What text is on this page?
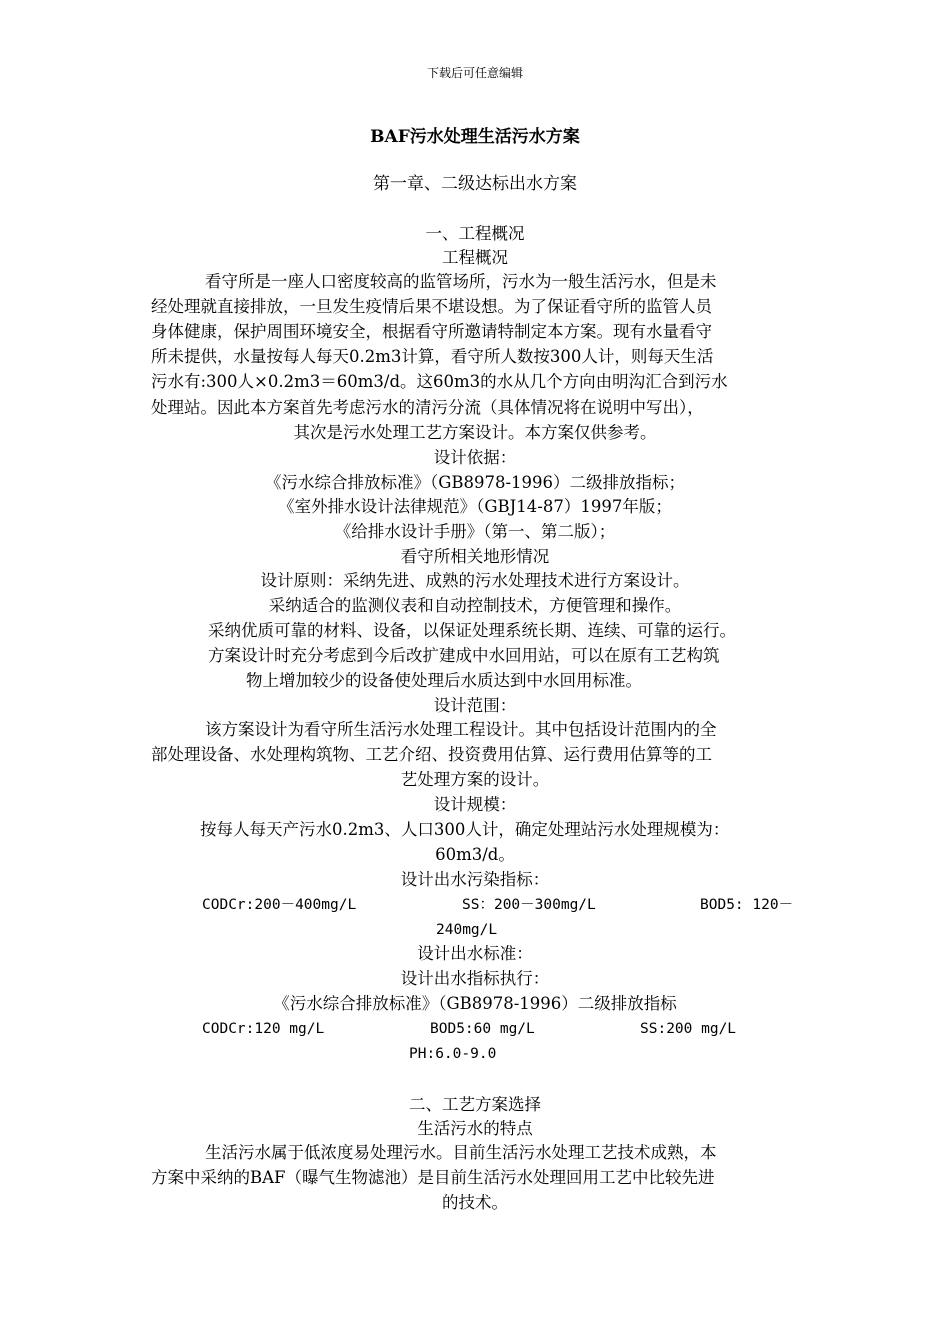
下载后可任意编辑
BAF污水处理生活污水方案
第一章、二级达标出水方案
一、工程概况
工程概况
看守所是一座人口密度较高的监管场所，污水为一般生活污水，但是未
经处理就直接排放，一旦发生疫情后果不堪设想。为了保证看守所的监管人员
身体健康，保护周围环境安全，根据看守所邀请特制定本方案。现有水量看守
所未提供，水量按每人每天0.2m3计算，看守所人数按300人计，则每天生活
污水有:300人×0.2m3＝60m3/d。这60m3的水从几个方向由明沟汇合到污水
处理站。因此本方案首先考虑污水的清污分流（具体情况将在说明中写出），
其次是污水处理工艺方案设计。本方案仅供参考。
设计依据：
《污水综合排放标准》（GB8978-1996）二级排放指标；
《室外排水设计法律规范》（GBJ14-87）1997年版；
《给排水设计手册》（第一、第二版）；
看守所相关地形情况
设计原则：采纳先进、成熟的污水处理技术进行方案设计。
采纳适合的监测仪表和自动控制技术，方便管理和操作。
采纳优质可靠的材料、设备，以保证处理系统长期、连续、可靠的运行。
方案设计时充分考虑到今后改扩建成中水回用站，可以在原有工艺构筑
物上增加较少的设备使处理后水质达到中水回用标准。
设计范围：
该方案设计为看守所生活污水处理工程设计。其中包括设计范围内的全
部处理设备、水处理构筑物、工艺介绍、投资费用估算、运行费用估算等的工
艺处理方案的设计。
设计规模：
按每人每天产污水0.2m3、人口300人计，确定处理站污水处理规模为：
60m3/d。
设计出水污染指标：
CODCr:200－400mg/L	SS：200－300mg/L	BOD5: 120－
240mg/L
设计出水标准：
设计出水指标执行：
《污水综合排放标准》（GB8978-1996）二级排放指标
CODCr:120 mg/L	BOD5:60 mg/L	SS:200 mg/L
PH:6.0-9.0
二、工艺方案选择
生活污水的特点
生活污水属于低浓度易处理污水。目前生活污水处理工艺技术成熟，本
方案中采纳的BAF（曝气生物滤池）是目前生活污水处理回用工艺中比较先进
的技术。
